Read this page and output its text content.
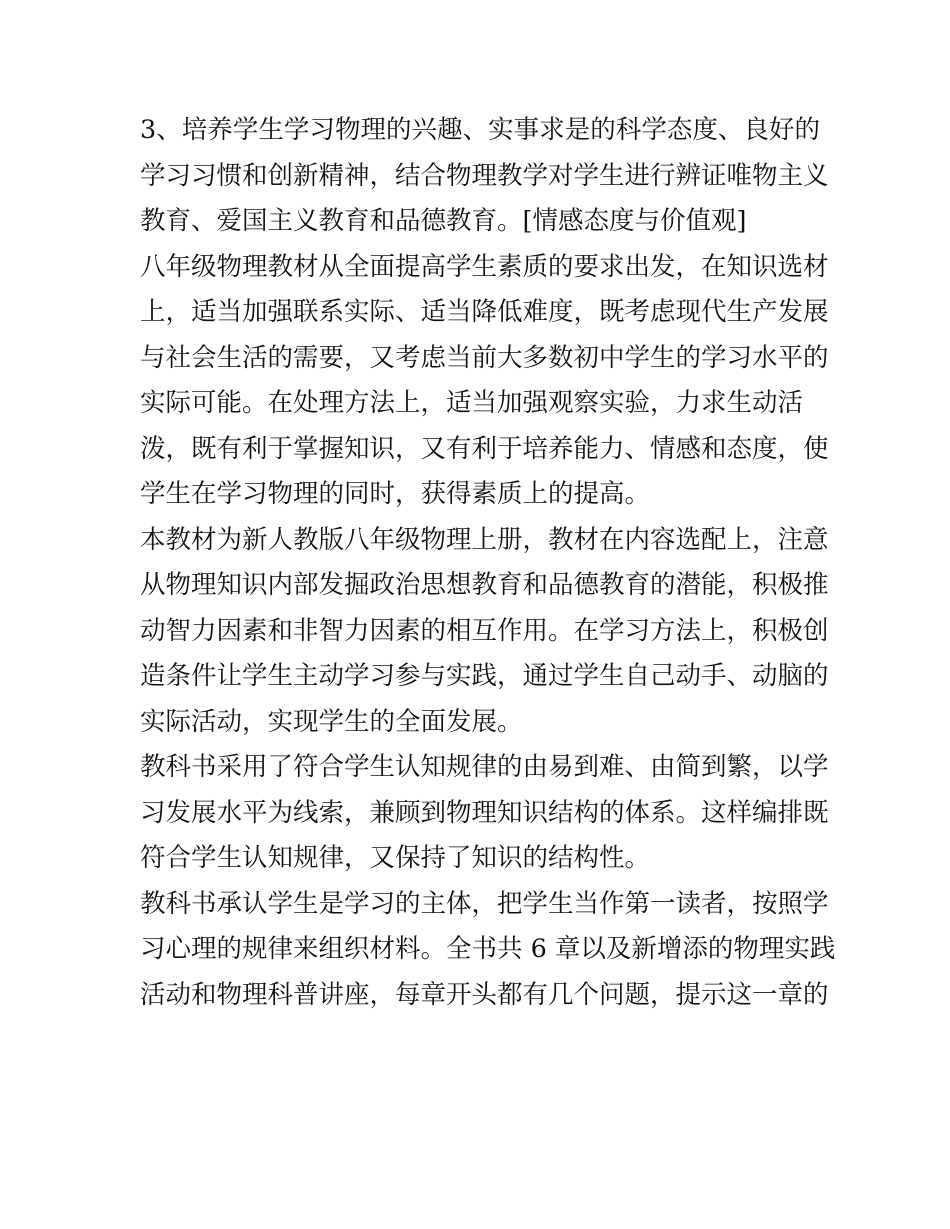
3、培养学生学习物理的兴趣、实事求是的科学态度、良好的
学习习惯和创新精神，结合物理教学对学生进行辨证唯物主义
教育、爱国主义教育和品德教育。[情感态度与价值观]
八年级物理教材从全面提高学生素质的要求出发，在知识选材
上，适当加强联系实际、适当降低难度，既考虑现代生产发展
与社会生活的需要，又考虑当前大多数初中学生的学习水平的
实际可能。在处理方法上，适当加强观察实验，力求生动活
泼，既有利于掌握知识，又有利于培养能力、情感和态度，使
学生在学习物理的同时，获得素质上的提高。
本教材为新人教版八年级物理上册，教材在内容选配上，注意
从物理知识内部发掘政治思想教育和品德教育的潜能，积极推
动智力因素和非智力因素的相互作用。在学习方法上，积极创
造条件让学生主动学习参与实践，通过学生自己动手、动脑的
实际活动，实现学生的全面发展。
教科书采用了符合学生认知规律的由易到难、由简到繁，以学
习发展水平为线索，兼顾到物理知识结构的体系。这样编排既
符合学生认知规律，又保持了知识的结构性。
教科书承认学生是学习的主体，把学生当作第一读者，按照学
习心理的规律来组织材料。全书共 6 章以及新增添的物理实践
活动和物理科普讲座，每章开头都有几个问题，提示这一章的
